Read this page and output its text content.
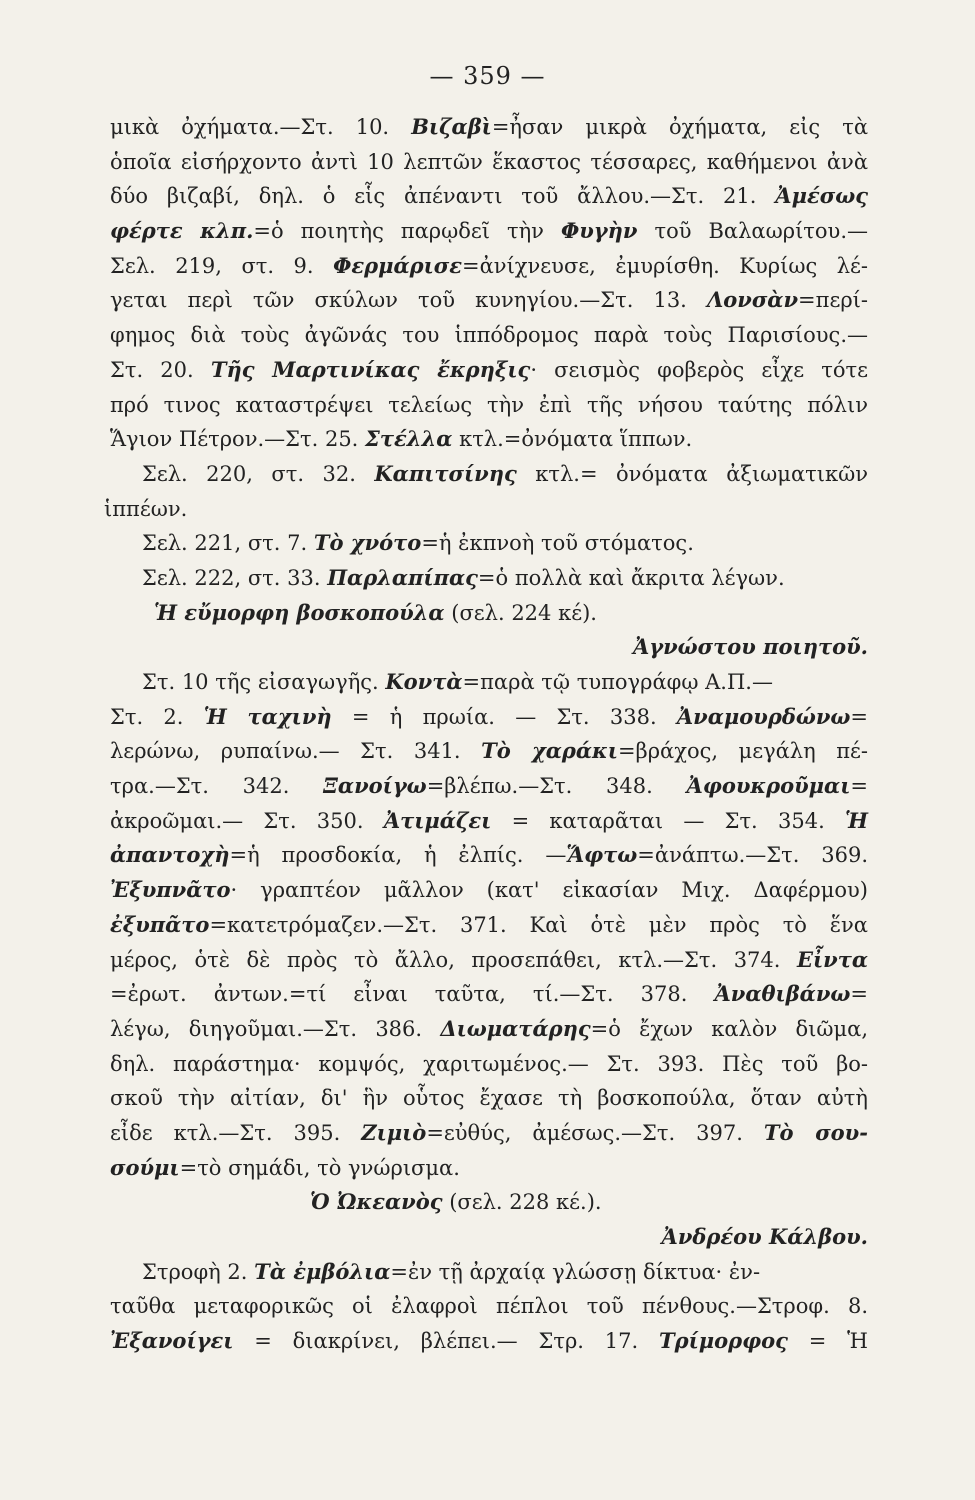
— 359 —
μικὰ ὀχήματα.—Στ. 10. Βιζαβὶ=ἦσαν μικρὰ ὀχήματα, εἰς τὰ
ὁποῖα εἰσήρχοντο ἀντὶ 10 λεπτῶν ἕκαστος τέσσαρες, καθήμενοι ἀνὰ
δύο βιζαβί, δηλ. ὁ εἷς ἀπέναντι τοῦ ἄλλου.—Στ. 21. Ἀμέσως
φέρτε κλπ.=ὁ ποιητὴς παρῳδεῖ τὴν Φυγὴν τοῦ Βαλαωρίτου.—
Σελ. 219, στ. 9. Φερμάρισε=ἀνίχνευσε, ἐμυρίσθη. Κυρίως λέ-
γεται περὶ τῶν σκύλων τοῦ κυνηγίου.—Στ. 13. Λονσὰν=περί-
φημος διὰ τοὺς ἀγῶνάς του ἱππόδρομος παρὰ τοὺς Παρισίους.—
Στ. 20. Τῆς Μαρτινίκας ἔκρηξις· σεισμὸς φοβερὸς εἶχε τότε
πρό τινος καταστρέψει τελείως τὴν ἐπὶ τῆς νήσου ταύτης πόλιν
Ἅγιον Πέτρον.—Στ. 25. Στέλλα κτλ.=ὀνόματα ἵππων.
Σελ. 220, στ. 32. Καπιτσίνης κτλ.= ὀνόματα ἀξιωματικῶν
ἱππέων.
Σελ. 221, στ. 7. Τὸ χνότο=ἡ ἐκπνοὴ τοῦ στόματος.
Σελ. 222, στ. 33. Παρλαπίπας=ὁ πολλὰ καὶ ἄκριτα λέγων.
Ἡ εὔμορφη βοσκοπούλα (σελ. 224 κέ).
Ἀγνώστου ποιητοῦ.
Στ. 10 τῆς εἰσαγωγῆς. Κοντὰ=παρὰ τῷ τυπογράφῳ Α.Π.—
Στ. 2. Ἡ ταχινὴ = ἡ πρωία. — Στ. 338. Ἀναμουρδώνω=
λερώνω, ρυπαίνω.— Στ. 341. Τὸ χαράκι=βράχος, μεγάλη πέ-
τρα.—Στ. 342. Ξανοίγω=βλέπω.—Στ. 348. Ἀφουκροῦμαι=
ἀκροῶμαι.— Στ. 350. Ἀτιμάζει = καταρᾶται — Στ. 354. Ἡ
ἀπαντοχὴ=ἡ προσδοκία, ἡ ἐλπίς. —Ἅφτω=ἀνάπτω.—Στ. 369.
Ἐξυπνᾶτο· γραπτέον μᾶλλον (κατ' εἰκασίαν Μιχ. Δαφέρμου)
ἐξυπᾶτο=κατετρόμαζεν.—Στ. 371. Καὶ ὁτὲ μὲν πρὸς τὸ ἕνα
μέρος, ὁτὲ δὲ πρὸς τὸ ἄλλο, προσεπάθει, κτλ.—Στ. 374. Εἶντα
=ἐρωτ. ἀντων.=τί εἶναι ταῦτα, τί.—Στ. 378. Ἀναθιβάνω=
λέγω, διηγοῦμαι.—Στ. 386. Διωματάρης=ὁ ἔχων καλὸν διῶμα,
δηλ. παράστημα· κομψός, χαριτωμένος.— Στ. 393. Πὲς τοῦ βο-
σκοῦ τὴν αἰτίαν, δι' ἣν οὗτος ἔχασε τὴ βοσκοπούλα, ὅταν αὐτὴ
εἶδε κτλ.—Στ. 395. Ζιμιὸ=εὐθύς, ἀμέσως.—Στ. 397. Τὸ σου-
σούμι=τὸ σημάδι, τὸ γνώρισμα.
Ὁ Ὠκεανὸς (σελ. 228 κέ.).
Ἀνδρέου Κάλβου.
Στροφὴ 2. Τὰ ἐμβόλια=ἐν τῇ ἀρχαίᾳ γλώσσῃ δίκτυα· ἐν-
ταῦθα μεταφορικῶς οἱ ἐλαφροὶ πέπλοι τοῦ πένθους.—Στροφ. 8.
Ἐξανοίγει = διακρίνει, βλέπει.— Στρ. 17. Τρίμορφος = Ἡ
